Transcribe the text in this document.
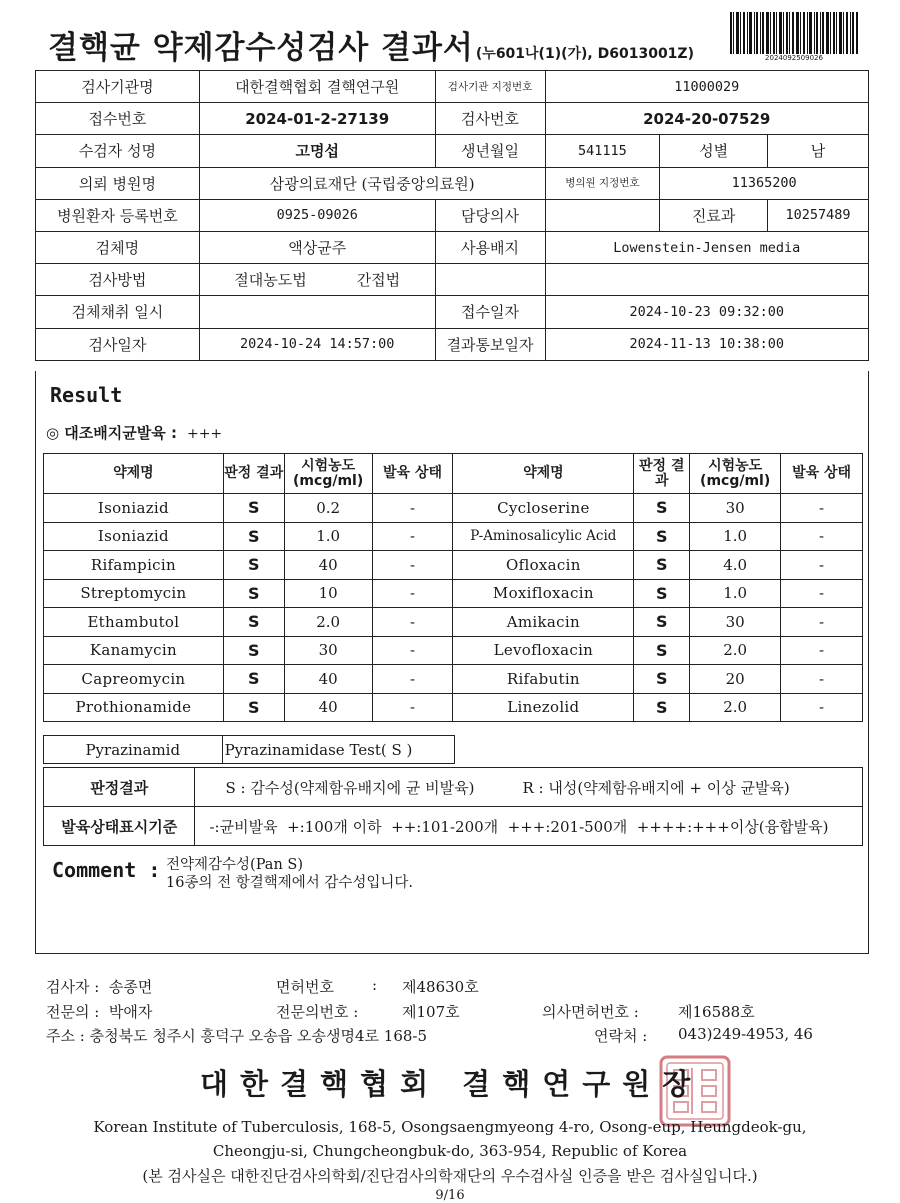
결핵균 약제감수성검사 결과서 (누601나(1)(가), D6013001Z)	2024092509026
검사기관명	대한결핵협회 결핵연구원	검사기관 지정번호	11000029		
접수번호	2024-01-2-27139	검사번호	2024-20-07529		
수검자 성명	고명섭	생년월일	541115	성별	남
의뢰 병원명	삼광의료재단 (국립중앙의료원)		병의원 지정번호	11365200	
병원환자 등록번호	0925-09026	담당의사		진료과	10257489
검체명	액상균주	사용배지	Lowenstein-Jensen media		
검사방법	절대농도법 간접법				
검체채취 일시		접수일자	2024-10-23 09:32:00		
검사일자	2024-10-24 14:57:00	결과통보일자	2024-11-13 10:38:00		
Result
◎ 대조배지균발육 : +++
약제명	판정 결과	시험농도 (mcg/ml)	발육 상태	약제명	판정 결과	시험농도 (mcg/ml)	발육 상태
Isoniazid	S	0.2	-	Cycloserine	S	30	-
Isoniazid	S	1.0	-	P-Aminosalicylic Acid	S	1.0	-
Rifampicin	S	40	-	Ofloxacin	S	4.0	-
Streptomycin	S	10	-	Moxifloxacin	S	1.0	-
Ethambutol	S	2.0	-	Amikacin	S	30	-
Kanamycin	S	30	-	Levofloxacin	S	2.0	-
Capreomycin	S	40	-	Rifabutin	S	20	-
Prothionamide	S	40	-	Linezolid	S	2.0	-
Pyrazinamid	Pyrazinamidase Test( S )
판정결과	S : 감수성(약제함유배지에 균 비발육) R : 내성(약제함유배지에 + 이상 균발육)
발육상태표시기준	-:균비발육  +:100개 이하  ++:101-200개  +++:201-500개  ++++:+++이상(융합발육)
Comment : 전약제감수성(Pan S)
16종의 전 항결핵제에서 감수성입니다.
검사자 : 송종면	면허번호	: 제48630호
전문의 : 박애자	전문의번호 :	제107호	의사면허번호 :	제16588호
주소 : 충청북도 청주시 흥덕구 오송읍 오송생명4로 168-5	연락처 : 043)249-4953, 46
대한결핵협회 결핵연구원장
Korean Institute of Tuberculosis, 168-5, Osongsaengmyeong 4-ro, Osong-eup, Heungdeok-gu,
Cheongju-si, Chungcheongbuk-do, 363-954, Republic of Korea
(본 검사실은 대한진단검사의학회/진단검사의학재단의 우수검사실 인증을 받은 검사실입니다.)
9/16
